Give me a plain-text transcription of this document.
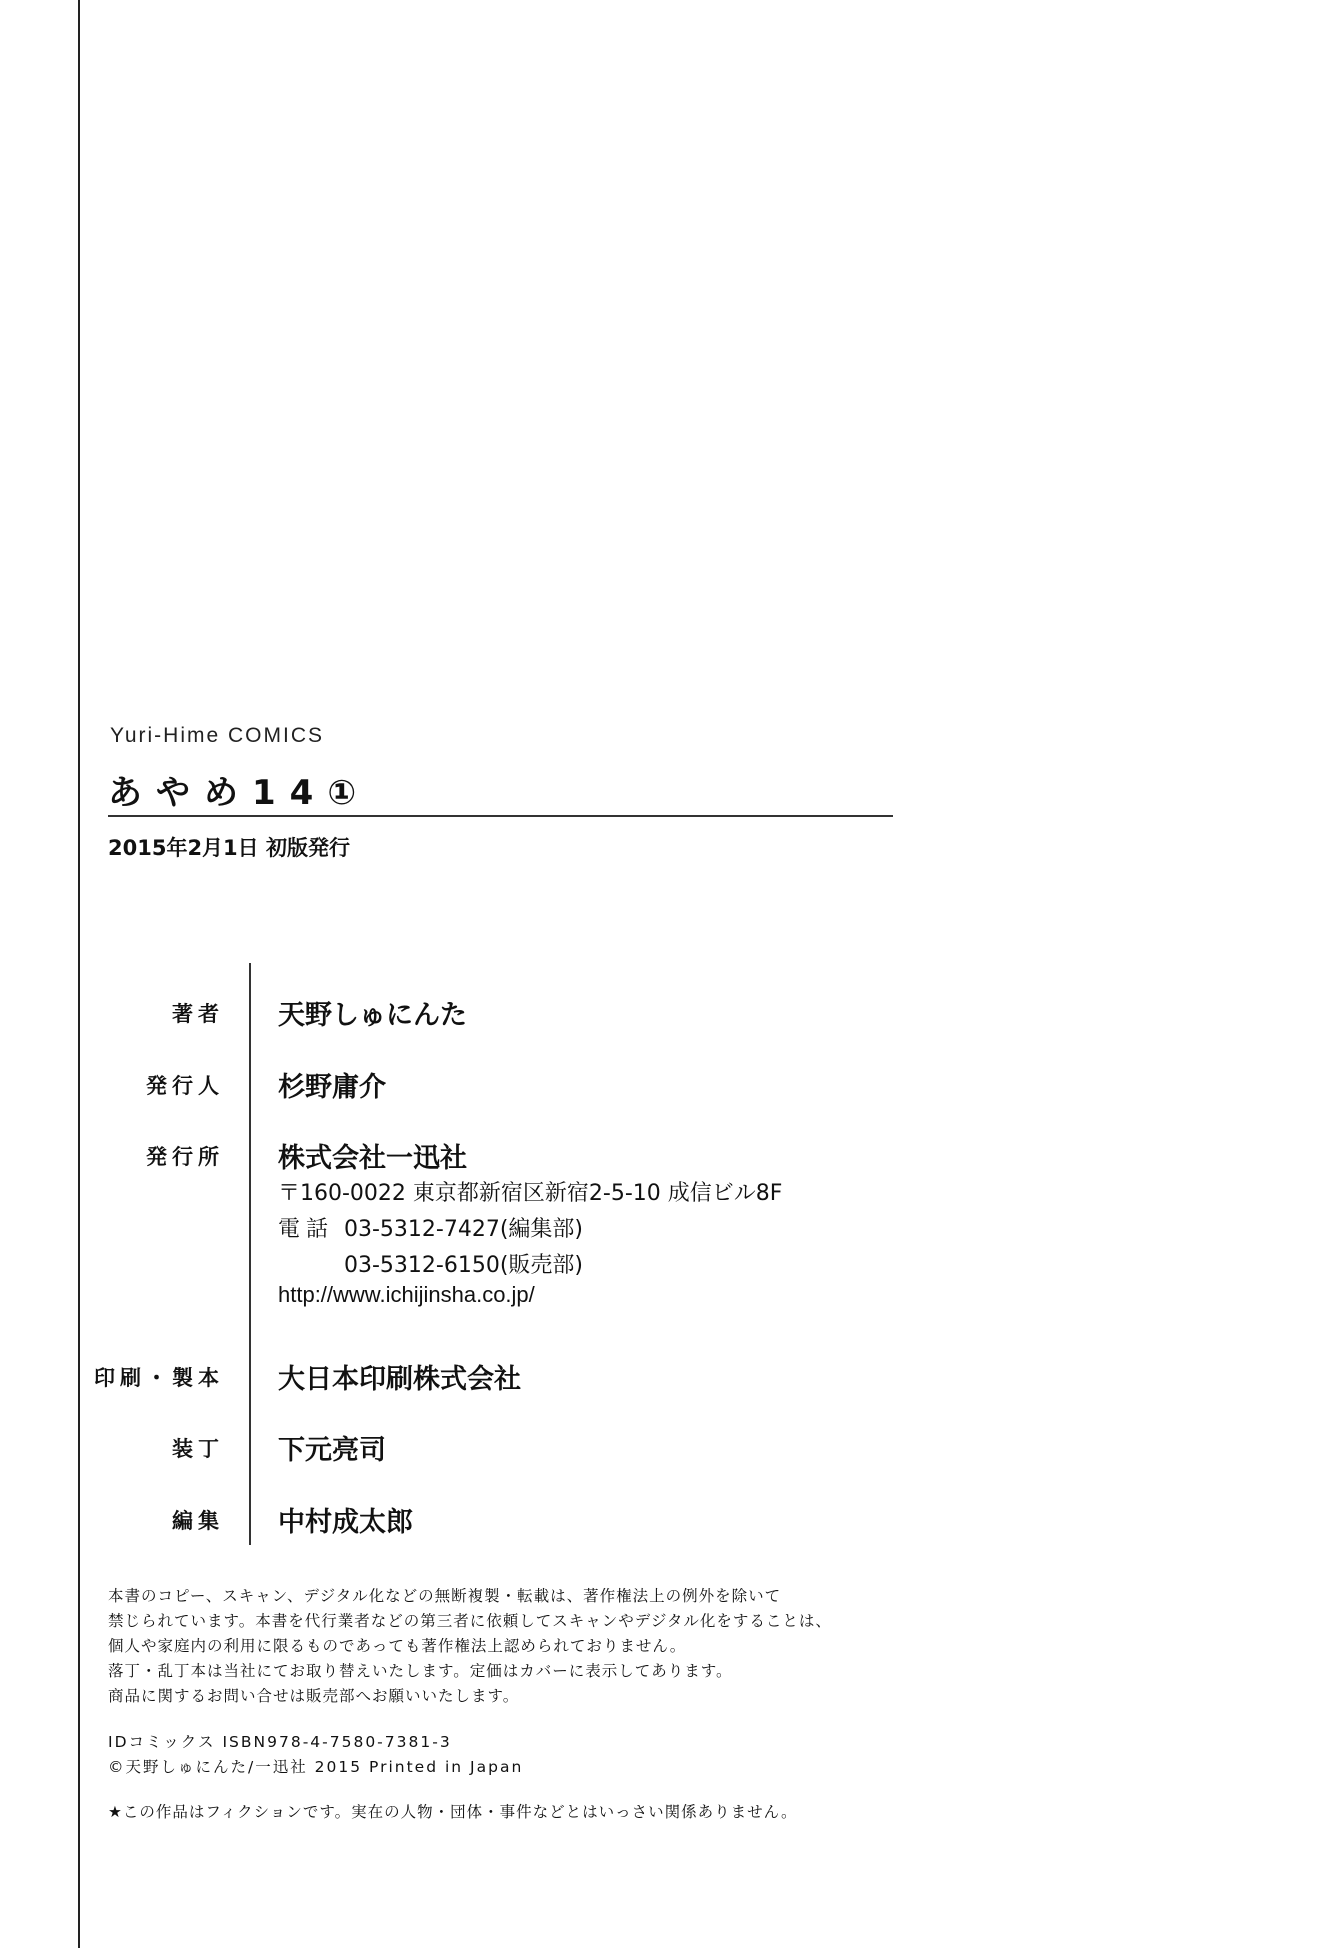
Yuri-Hime COMICS
あやめ14①
2015年2月1日 初版発行
著者 天野しゅにんた
発行人 杉野庸介
発行所 株式会社一迅社
〒160-0022 東京都新宿区新宿2-5-10 成信ビル8F
電話 03-5312-7427(編集部)
03-5312-6150(販売部)
http://www.ichijinsha.co.jp/
印刷・製本 大日本印刷株式会社
装丁 下元亮司
編集 中村成太郎
本書のコピー、スキャン、デジタル化などの無断複製・転載は、著作権法上の例外を除いて
禁じられています。本書を代行業者などの第三者に依頼してスキャンやデジタル化をすることは、
個人や家庭内の利用に限るものであっても著作権法上認められておりません。
落丁・乱丁本は当社にてお取り替えいたします。定価はカバーに表示してあります。
商品に関するお問い合せは販売部へお願いいたします。
IDコミックス ISBN978-4-7580-7381-3
©天野しゅにんた/一迅社 2015 Printed in Japan
★この作品はフィクションです。実在の人物・団体・事件などとはいっさい関係ありません。
